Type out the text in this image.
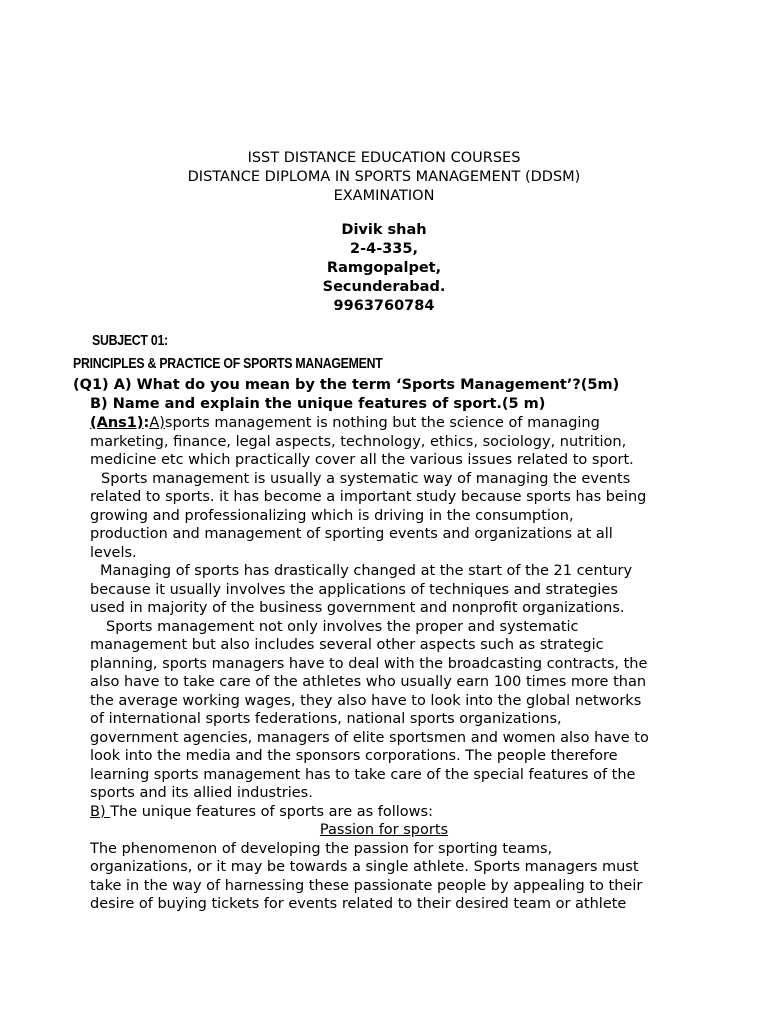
ISST DISTANCE EDUCATION COURSES
DISTANCE DIPLOMA IN SPORTS MANAGEMENT (DDSM)
EXAMINATION
Divik shah
2-4-335,
Ramgopalpet,
Secunderabad.
9963760784
SUBJECT 01:
PRINCIPLES & PRACTICE OF SPORTS MANAGEMENT
(Q1) A) What do you mean by the term ‘Sports Management’?(5m)
B) Name and explain the unique features of sport.(5 m)
(Ans1):A)sports management is nothing but the science of managing
marketing, finance, legal aspects, technology, ethics, sociology, nutrition,
medicine etc which practically cover all the various issues related to sport.
Sports management is usually a systematic way of managing the events
related to sports. it has become a important study because sports has being
growing and professionalizing which is driving in the consumption,
production and management of sporting events and organizations at all
levels.
Managing of sports has drastically changed at the start of the 21 century
because it usually involves the applications of techniques and strategies
used in majority of the business government and nonprofit organizations.
Sports management not only involves the proper and systematic
management but also includes several other aspects such as strategic
planning, sports managers have to deal with the broadcasting contracts, the
also have to take care of the athletes who usually earn 100 times more than
the average working wages, they also have to look into the global networks
of international sports federations, national sports organizations,
government agencies, managers of elite sportsmen and women also have to
look into the media and the sponsors corporations. The people therefore
learning sports management has to take care of the special features of the
sports and its allied industries.
B) The unique features of sports are as follows:
Passion for sports
The phenomenon of developing the passion for sporting teams,
organizations, or it may be towards a single athlete. Sports managers must
take in the way of harnessing these passionate people by appealing to their
desire of buying tickets for events related to their desired team or athlete
